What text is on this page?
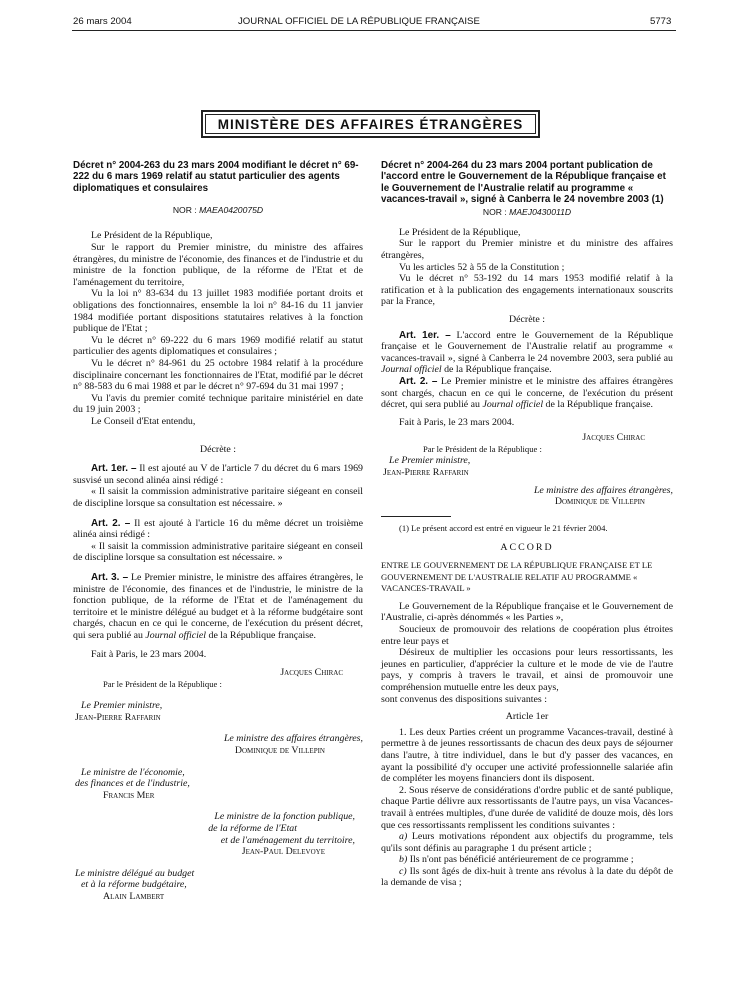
26 mars 2004	JOURNAL OFFICIEL DE LA RÉPUBLIQUE FRANÇAISE	5773
MINISTÈRE DES AFFAIRES ÉTRANGÈRES

Décret n° 2004-263 du 23 mars 2004 modifiant le décret n° 69-222 du 6 mars 1969 relatif au statut particulier des agents diplomatiques et consulaires

NOR : MAEA0420075D

Le Président de la République,

Sur le rapport du Premier ministre, du ministre des affaires étrangères, du ministre de l'économie, des finances et de l'industrie et du ministre de la fonction publique, de la réforme de l'Etat et de l'aménagement du territoire,

Vu la loi n° 83-634 du 13 juillet 1983 modifiée portant droits et obligations des fonctionnaires, ensemble la loi n° 84-16 du 11 janvier 1984 modifiée portant dispositions statutaires relatives à la fonction publique de l'Etat ;

Vu le décret n° 69-222 du 6 mars 1969 modifié relatif au statut particulier des agents diplomatiques et consulaires ;

Vu le décret n° 84-961 du 25 octobre 1984 relatif à la procédure disciplinaire concernant les fonctionnaires de l'Etat, modifié par le décret n° 88-583 du 6 mai 1988 et par le décret n° 97-694 du 31 mai 1997 ;

Vu l'avis du premier comité technique paritaire ministériel en date du 19 juin 2003 ;

Le Conseil d'Etat entendu,

Décrète :

Art. 1er. – Il est ajouté au V de l'article 7 du décret du 6 mars 1969 susvisé un second alinéa ainsi rédigé :

« Il saisit la commission administrative paritaire siégeant en conseil de discipline lorsque sa consultation est nécessaire. »

Art. 2. – Il est ajouté à l'article 16 du même décret un troisième alinéa ainsi rédigé :

« Il saisit la commission administrative paritaire siégeant en conseil de discipline lorsque sa consultation est nécessaire. »

Art. 3. – Le Premier ministre, le ministre des affaires étrangères, le ministre de l'économie, des finances et de l'industrie, le ministre de la fonction publique, de la réforme de l'Etat et de l'aménagement du territoire et le ministre délégué au budget et à la réforme budgétaire sont chargés, chacun en ce qui le concerne, de l'exécution du présent décret, qui sera publié au Journal officiel de la République française.

Fait à Paris, le 23 mars 2004.

Jacques Chirac

Par le Président de la République :

Le Premier ministre,

Jean-Pierre Raffarin

Le ministre des affaires étrangères,

Dominique de Villepin

Le ministre de l'économie,

des finances et de l'industrie,

Francis Mer

Le ministre de la fonction publique,

de la réforme de l'Etat

et de l'aménagement du territoire,

Jean-Paul Delevoye

Le ministre délégué au budget

et à la réforme budgétaire,

Alain Lambert

Décret n° 2004-264 du 23 mars 2004 portant publication de l'accord entre le Gouvernement de la République française et le Gouvernement de l'Australie relatif au programme « vacances-travail », signé à Canberra le 24 novembre 2003 (1)

NOR : MAEJ0430011D

Le Président de la République,

Sur le rapport du Premier ministre et du ministre des affaires étrangères,

Vu les articles 52 à 55 de la Constitution ;

Vu le décret n° 53-192 du 14 mars 1953 modifié relatif à la ratification et à la publication des engagements internationaux souscrits par la France,

Décrète :

Art. 1er. – L'accord entre le Gouvernement de la République française et le Gouvernement de l'Australie relatif au programme « vacances-travail », signé à Canberra le 24 novembre 2003, sera publié au Journal officiel de la République française.

Art. 2. – Le Premier ministre et le ministre des affaires étrangères sont chargés, chacun en ce qui le concerne, de l'exécution du présent décret, qui sera publié au Journal officiel de la République française.

Fait à Paris, le 23 mars 2004.

Jacques Chirac

Par le Président de la République :

Le Premier ministre,

Jean-Pierre Raffarin

Le ministre des affaires étrangères,

Dominique de Villepin

(1) Le présent accord est entré en vigueur le 21 février 2004.

ACCORD

ENTRE LE GOUVERNEMENT DE LA RÉPUBLIQUE FRANÇAISE ET LE GOUVERNEMENT DE L'AUSTRALIE RELATIF AU PROGRAMME « VACANCES-TRAVAIL »

Le Gouvernement de la République française et le Gouvernement de l'Australie, ci-après dénommés « les Parties »,

Soucieux de promouvoir des relations de coopération plus étroites entre leur pays et

Désireux de multiplier les occasions pour leurs ressortissants, les jeunes en particulier, d'apprécier la culture et le mode de vie de l'autre pays, y compris à travers le travail, et ainsi de promouvoir une compréhension mutuelle entre les deux pays,

sont convenus des dispositions suivantes :

Article 1er

1. Les deux Parties créent un programme Vacances-travail, destiné à permettre à de jeunes ressortissants de chacun des deux pays de séjourner dans l'autre, à titre individuel, dans le but d'y passer des vacances, en ayant la possibilité d'y occuper une activité professionnelle salariée afin de compléter les moyens financiers dont ils disposent.

2. Sous réserve de considérations d'ordre public et de santé publique, chaque Partie délivre aux ressortissants de l'autre pays, un visa Vacances-travail à entrées multiples, d'une durée de validité de douze mois, dès lors que ces ressortissants remplissent les conditions suivantes :

a) Leurs motivations répondent aux objectifs du programme, tels qu'ils sont définis au paragraphe 1 du présent article ;

b) Ils n'ont pas bénéficié antérieurement de ce programme ;

c) Ils sont âgés de dix-huit à trente ans révolus à la date du dépôt de la demande de visa ;
